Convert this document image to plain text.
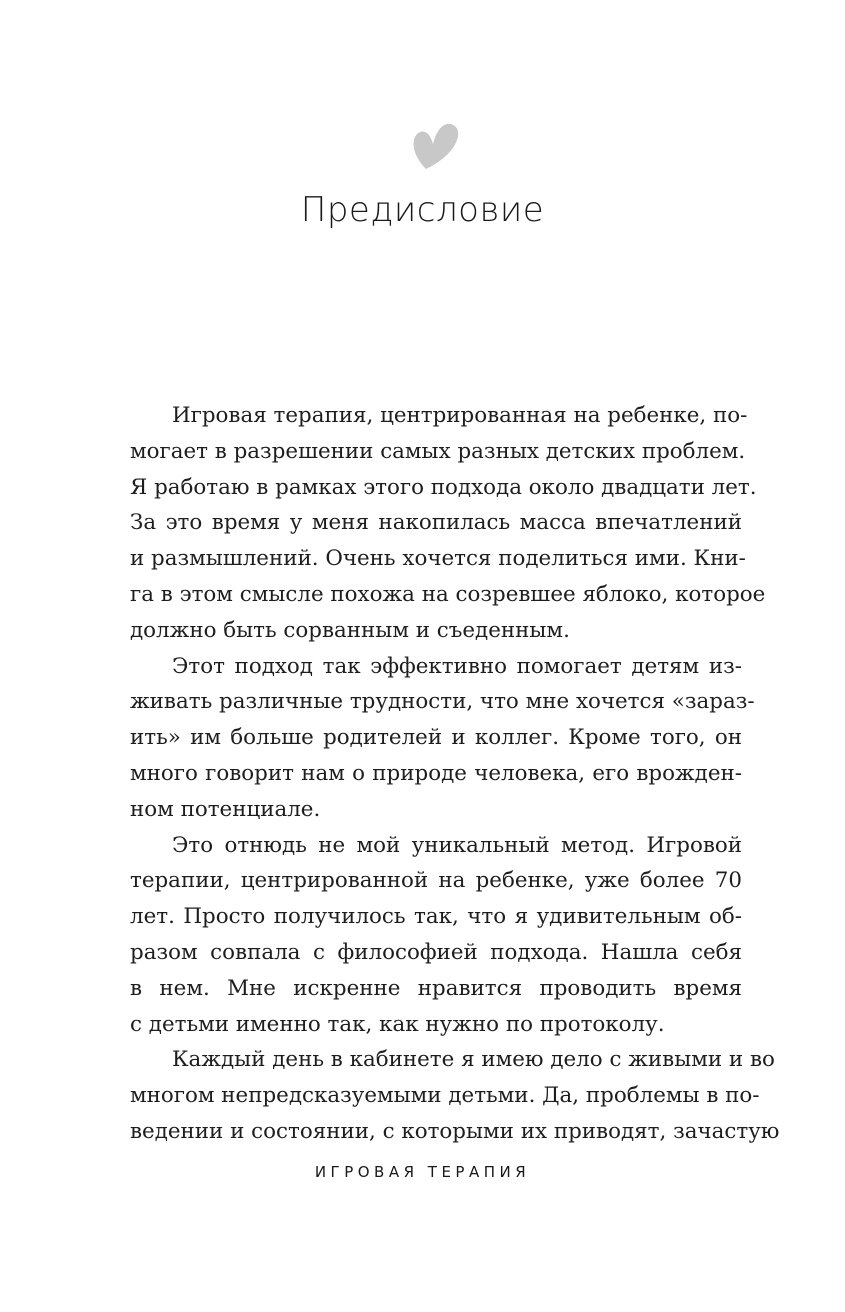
Предисловие
Игровая терапия, центрированная на ребенке, по-
могает в разрешении самых разных детских проблем.
Я работаю в рамках этого подхода около двадцати лет.
За это время у меня накопилась масса впечатлений
и размышлений. Очень хочется поделиться ими. Кни-
га в этом смысле похожа на созревшее яблоко, которое
должно быть сорванным и съеденным.
Этот подход так эффективно помогает детям из-
живать различные трудности, что мне хочется «зараз-
ить» им больше родителей и коллег. Кроме того, он
много говорит нам о природе человека, его врожден-
ном потенциале.
Это отнюдь не мой уникальный метод. Игровой
терапии, центрированной на ребенке, уже более 70
лет. Просто получилось так, что я удивительным об-
разом совпала с философией подхода. Нашла себя
в нем. Мне искренне нравится проводить время
с детьми именно так, как нужно по протоколу.
Каждый день в кабинете я имею дело с живыми и во
многом непредсказуемыми детьми. Да, проблемы в по-
ведении и состоянии, с которыми их приводят, зачастую
ИГРОВАЯ ТЕРАПИЯ
